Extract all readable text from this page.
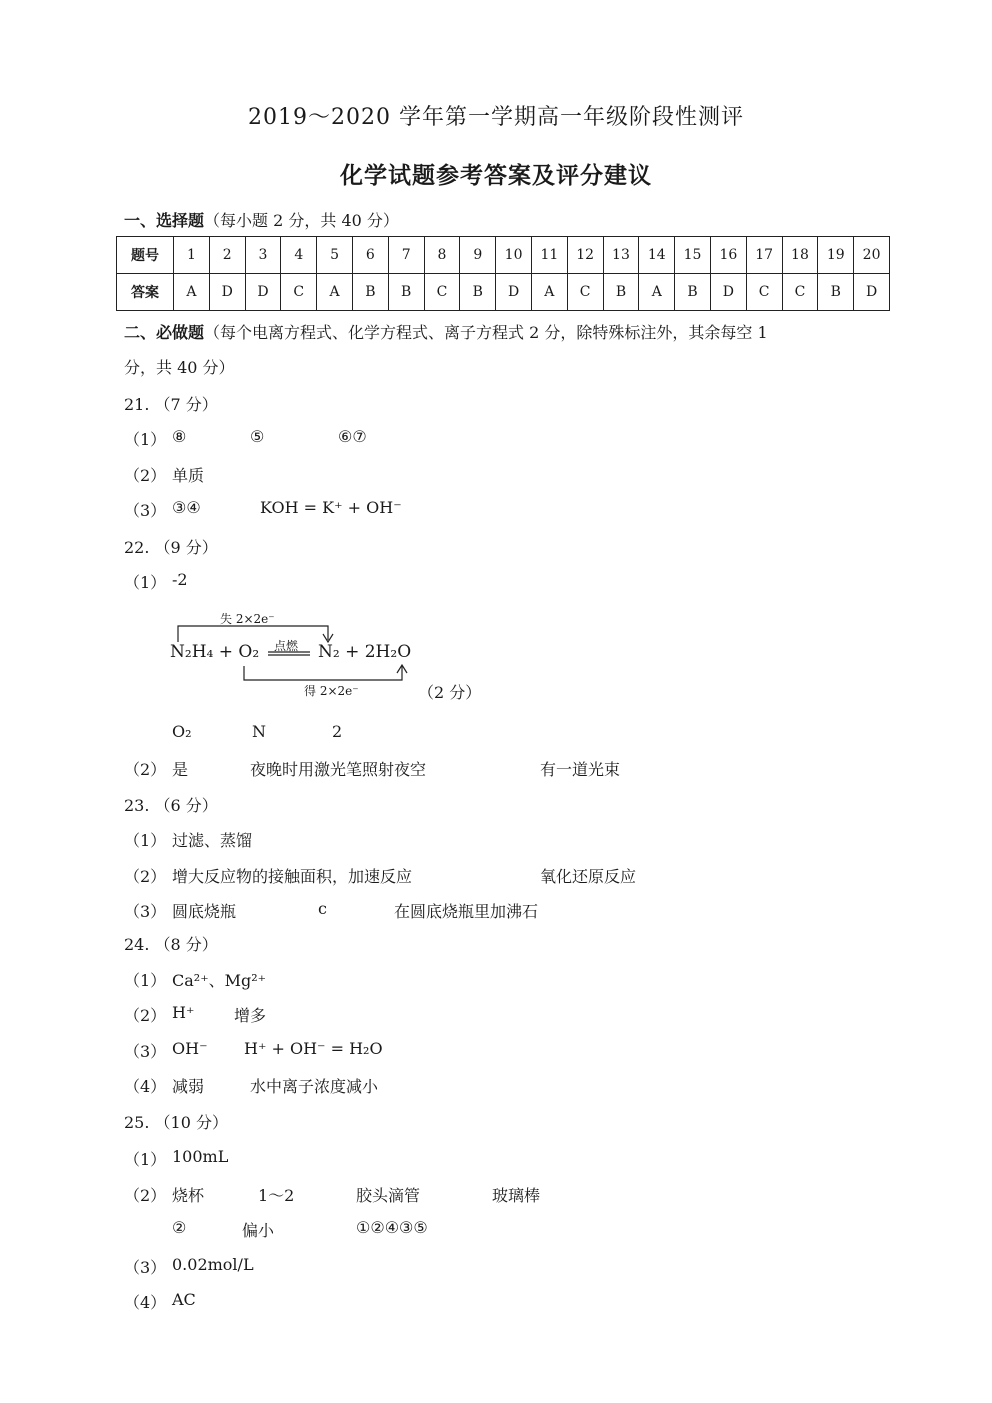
2019～2020 学年第一学期高一年级阶段性测评
化学试题参考答案及评分建议
一、选择题（每小题 2 分，共 40 分）
题号	1	2	3	4	5	6	7	8	9	10	11	12	13	14	15	16	17	18	19	20
答案	A	D	D	C	A	B	B	C	B	D	A	C	B	A	B	D	C	C	B	D
二、必做题（每个电离方程式、化学方程式、离子方程式 2 分，除特殊标注外，其余每空 1
分，共 40 分）
21. （7 分）
（1） ⑧	⑤	⑥⑦
（2） 单质
（3） ③④	KOH = K⁺ + OH⁻
22. （9 分）
（1） -2
失 2×2e⁻
点燃
N₂H₄ + O₂	N₂ + 2H₂O
得 2×2e⁻	（2 分）
O₂	N	2
（2） 是	夜晚时用激光笔照射夜空	有一道光束
23. （6 分）
（1） 过滤、蒸馏
（2） 增大反应物的接触面积，加速反应	氧化还原反应
（3） 圆底烧瓶	c	在圆底烧瓶里加沸石
24. （8 分）
（1） Ca²⁺、Mg²⁺
（2） H⁺ 增多
（3） OH⁻ H⁺ + OH⁻ = H₂O
（4） 减弱	水中离子浓度减小
25. （10 分）
（1） 100mL
（2） 烧杯	1～2	胶头滴管	玻璃棒
②	偏小	①②④③⑤
（3） 0.02mol/L
（4） AC
